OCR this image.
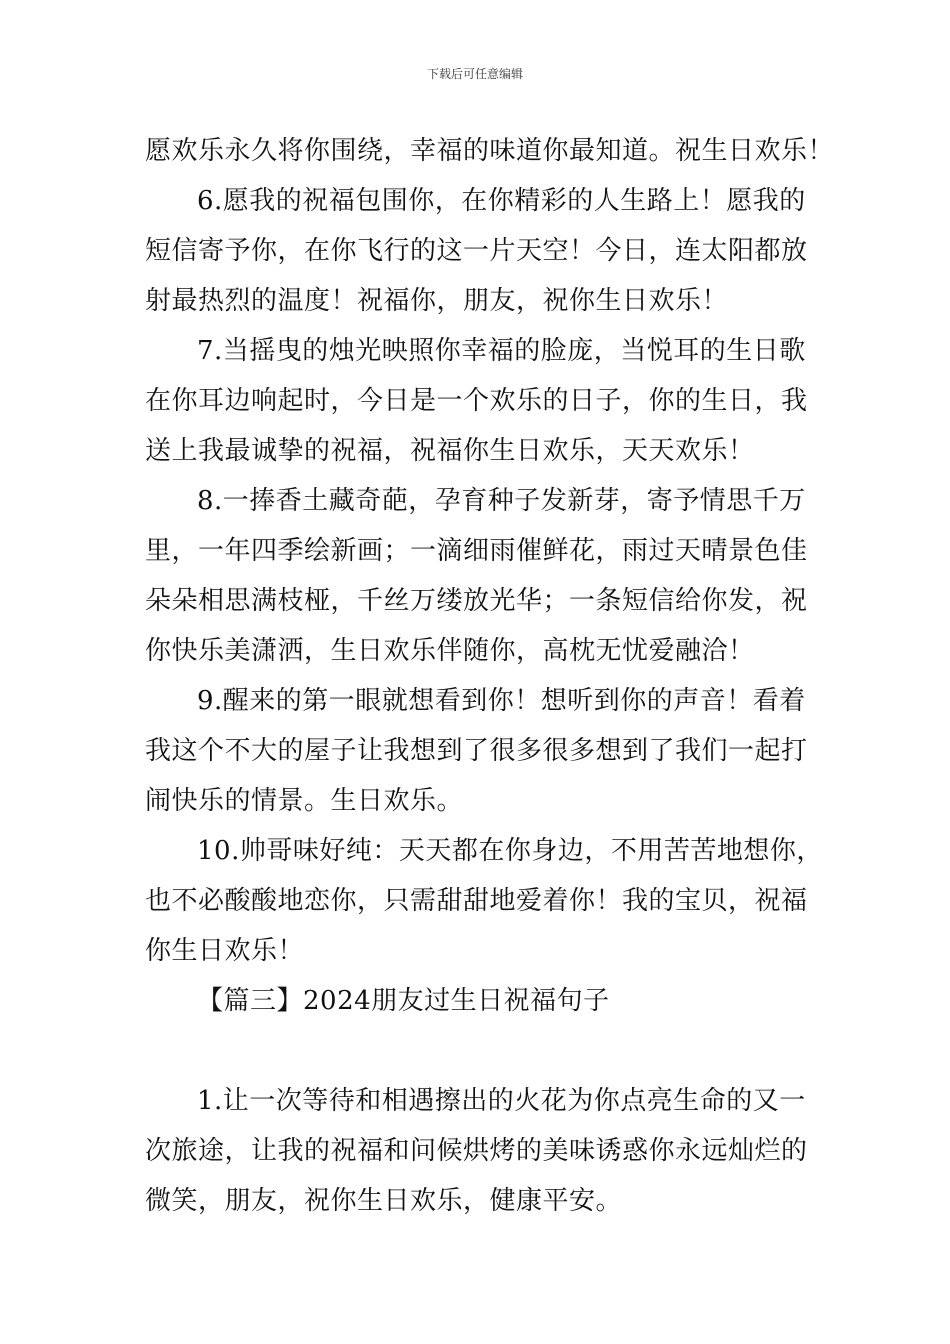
下载后可任意编辑
愿欢乐永久将你围绕，幸福的味道你最知道。祝生日欢乐！
6.愿我的祝福包围你，在你精彩的人生路上！愿我的
短信寄予你，在你飞行的这一片天空！今日，连太阳都放
射最热烈的温度！祝福你，朋友，祝你生日欢乐！
7.当摇曳的烛光映照你幸福的脸庞，当悦耳的生日歌
在你耳边响起时，今日是一个欢乐的日子，你的生日，我
送上我最诚挚的祝福，祝福你生日欢乐，天天欢乐！
8.一捧香土藏奇葩，孕育种子发新芽，寄予情思千万
里，一年四季绘新画；一滴细雨催鲜花，雨过天晴景色佳
朵朵相思满枝桠，千丝万缕放光华；一条短信给你发，祝
你快乐美潇洒，生日欢乐伴随你，高枕无忧爱融洽！
9.醒来的第一眼就想看到你！想听到你的声音！看着
我这个不大的屋子让我想到了很多很多想到了我们一起打
闹快乐的情景。生日欢乐。
10.帅哥味好纯：天天都在你身边，不用苦苦地想你，
也不必酸酸地恋你，只需甜甜地爱着你！我的宝贝，祝福
你生日欢乐！
【篇三】2024朋友过生日祝福句子
1.让一次等待和相遇擦出的火花为你点亮生命的又一
次旅途，让我的祝福和问候烘烤的美味诱惑你永远灿烂的
微笑，朋友，祝你生日欢乐，健康平安。
